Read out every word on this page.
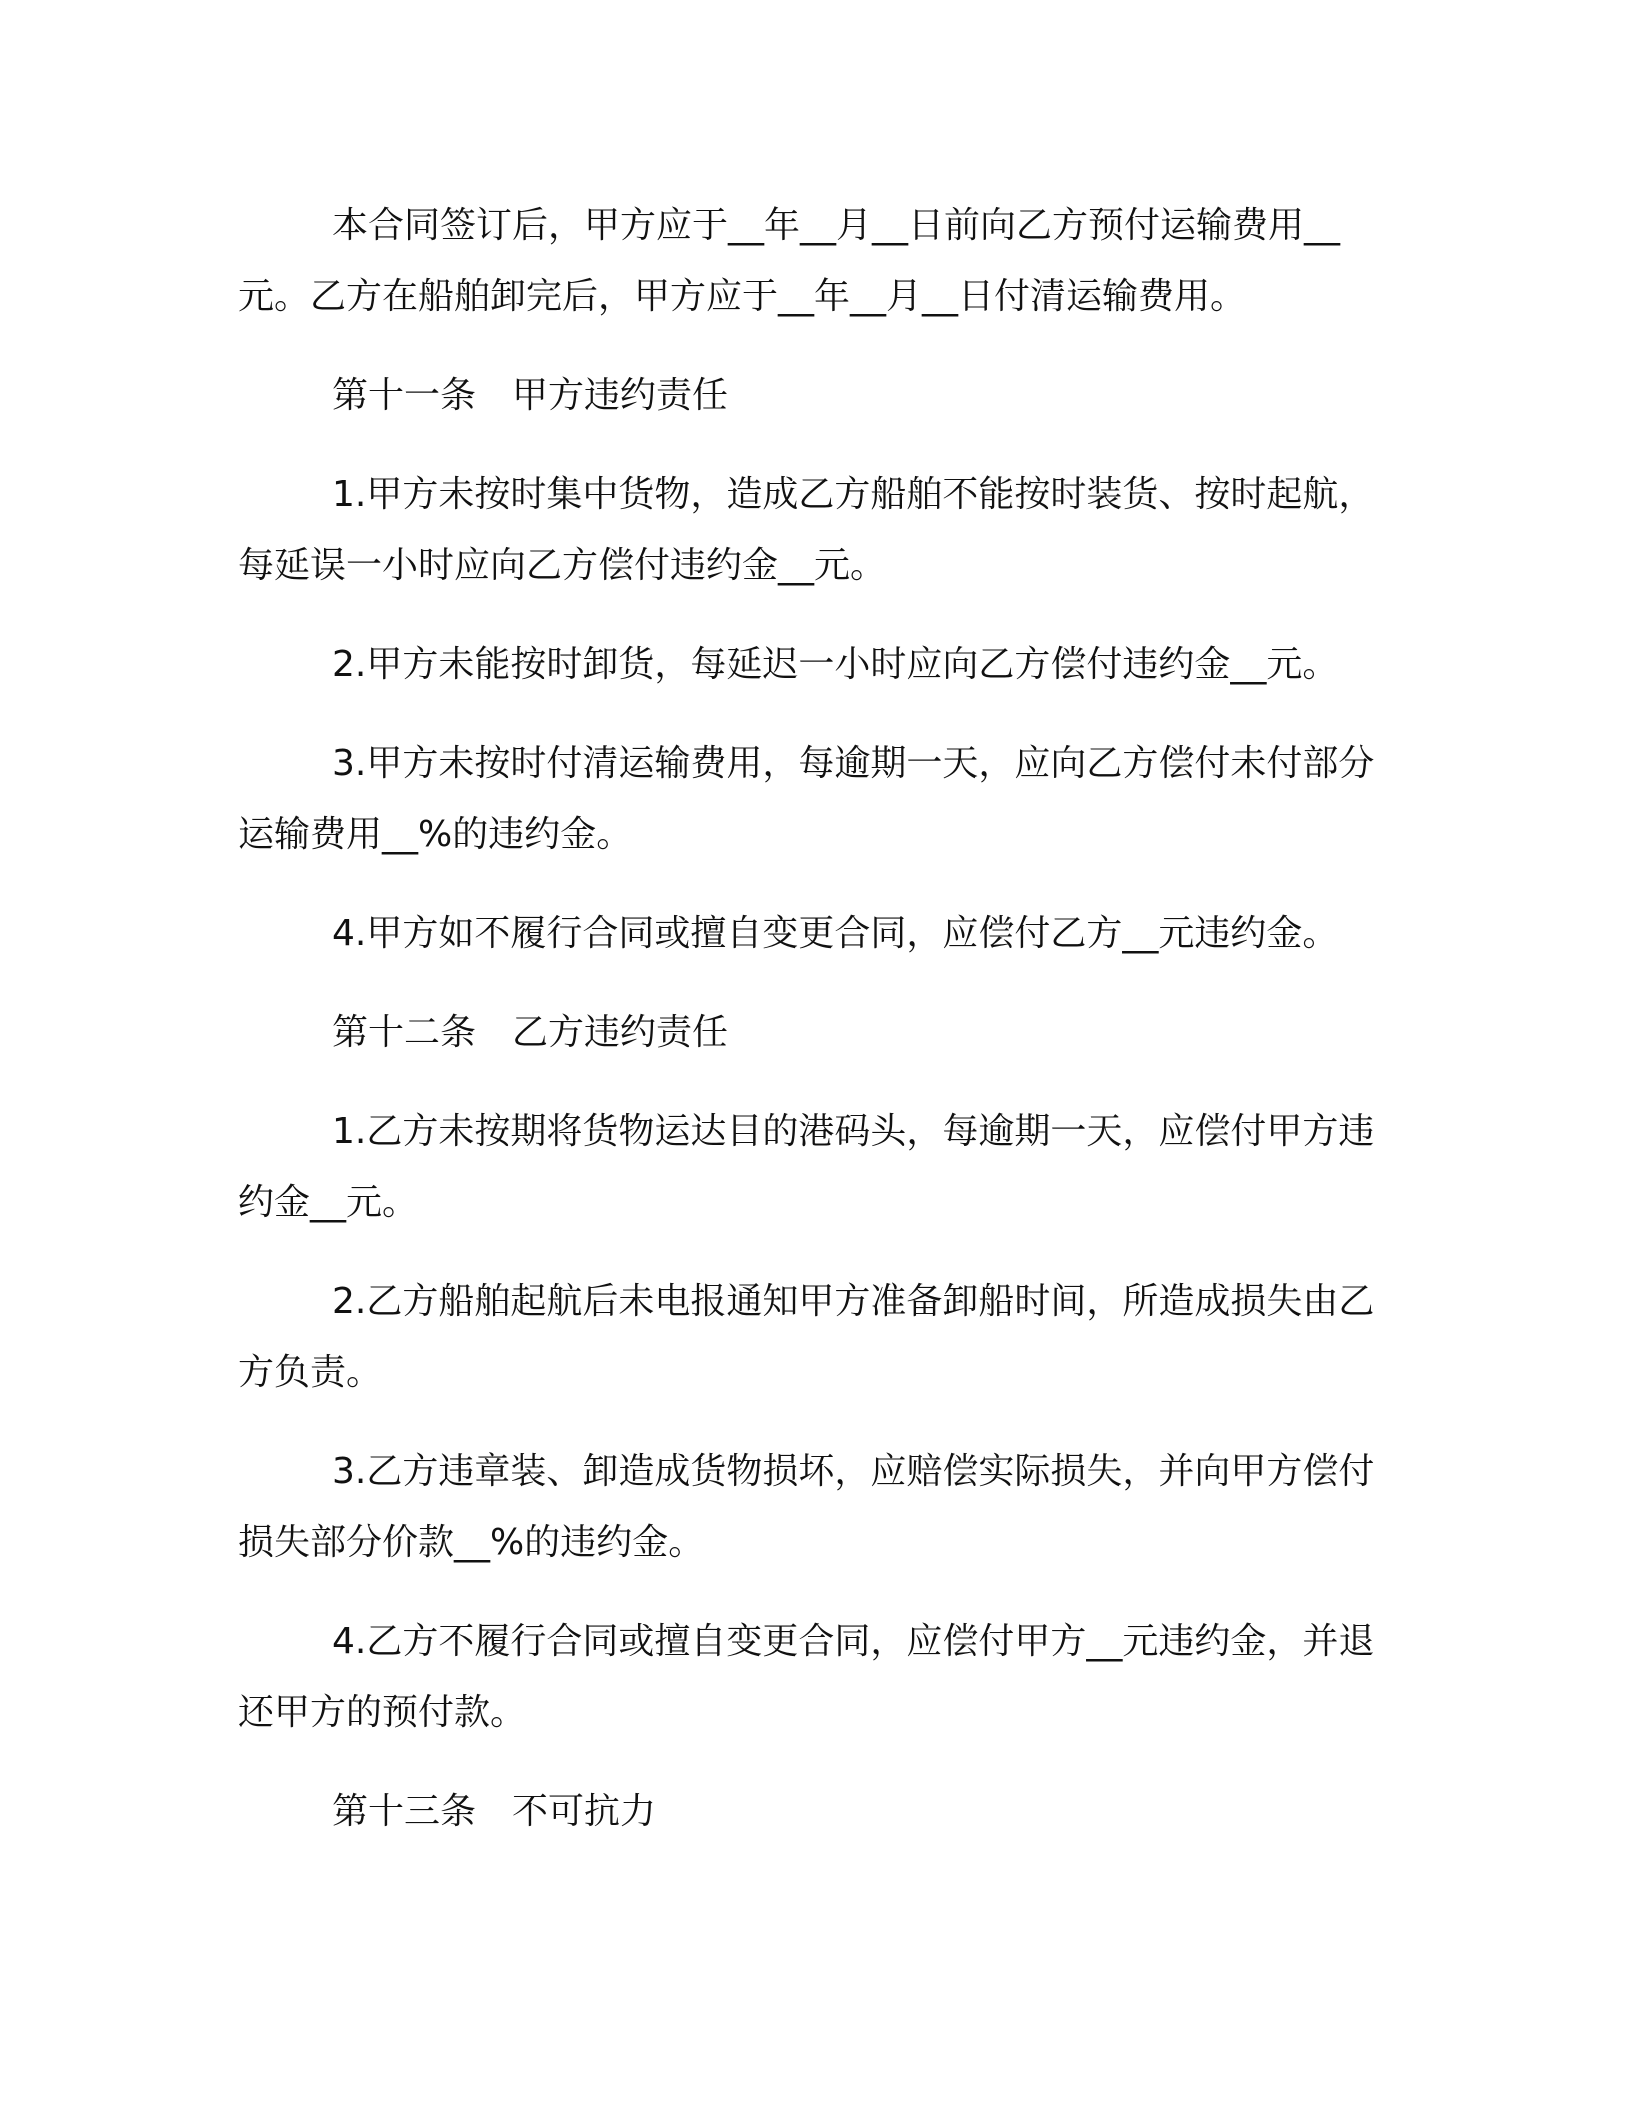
本合同签订后，甲方应于__年__月__日前向乙方预付运输费用__元。乙方在船舶卸完后，甲方应于__年__月__日付清运输费用。

第十一条　甲方违约责任

1.甲方未按时集中货物，造成乙方船舶不能按时装货、按时起航，每延误一小时应向乙方偿付违约金__元。

2.甲方未能按时卸货，每延迟一小时应向乙方偿付违约金__元。

3.甲方未按时付清运输费用，每逾期一天，应向乙方偿付未付部分运输费用__%的违约金。

4.甲方如不履行合同或擅自变更合同，应偿付乙方__元违约金。

第十二条　乙方违约责任

1.乙方未按期将货物运达目的港码头，每逾期一天，应偿付甲方违约金__元。

2.乙方船舶起航后未电报通知甲方准备卸船时间，所造成损失由乙方负责。

3.乙方违章装、卸造成货物损坏，应赔偿实际损失，并向甲方偿付损失部分价款__%的违约金。

4.乙方不履行合同或擅自变更合同，应偿付甲方__元违约金，并退还甲方的预付款。

第十三条　不可抗力
